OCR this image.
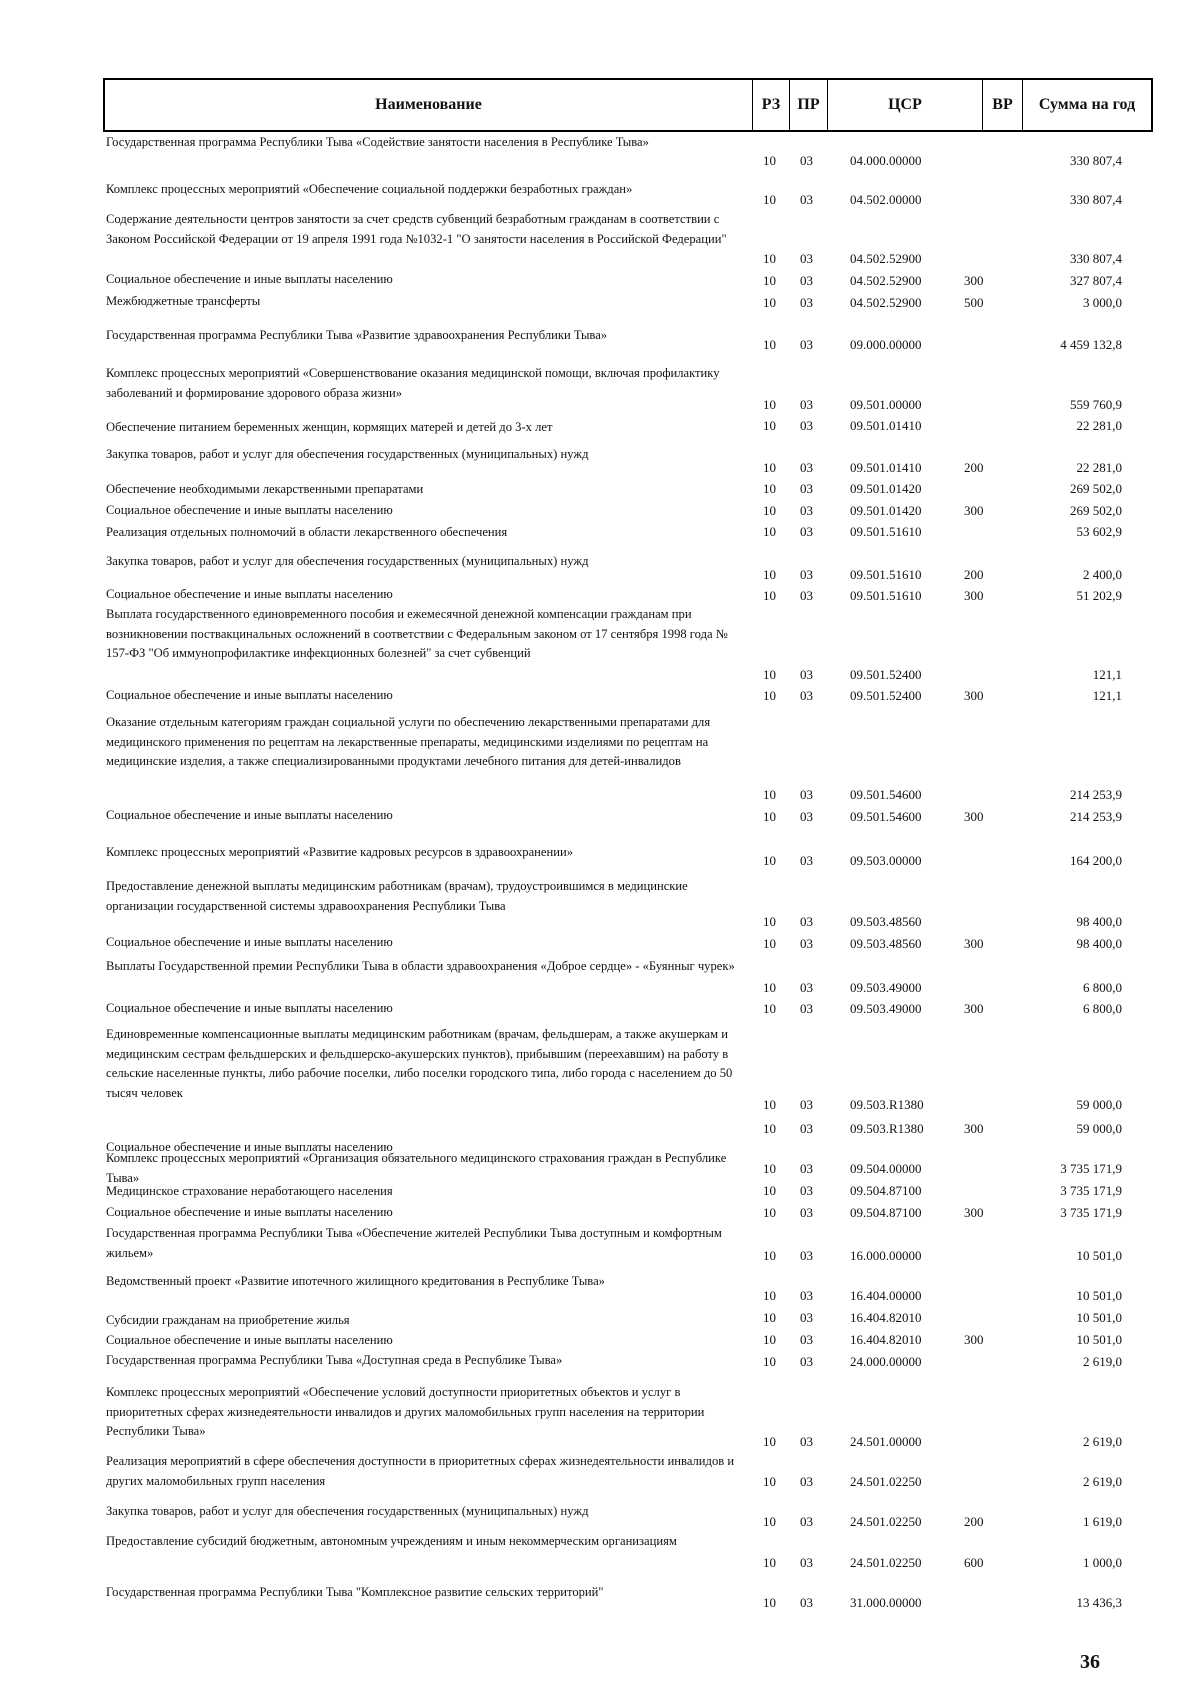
Наименование	РЗ	ПР	ЦСР	ВР	Сумма на год
Государственная программа Республики Тыва «Содействие занятости населения в Республике Тыва»
10 03	04.000.00000	330 807,4
Комплекс процессных мероприятий «Обеспечение социальной поддержки безработных граждан»
10 03	04.502.00000	330 807,4
Содержание деятельности центров занятости за счет средств субвенций безработным гражданам в соответствии с Законом Российской Федерации от 19 апреля 1991 года №1032-1 "О занятости населения в Российской Федерации"
10 03	04.502.52900	330 807,4
Социальное обеспечение и иные выплаты населению	10 03	04.502.52900	300	327 807,4
Межбюджетные трансферты	10 03	04.502.52900	500	3 000,0
Государственная программа Республики Тыва «Развитие здравоохранения Республики Тыва»
10 03	09.000.00000	4 459 132,8
Комплекс процессных мероприятий «Совершенствование оказания медицинской помощи, включая профилактику заболеваний и формирование здорового образа жизни»
10 03	09.501.00000	559 760,9
Обеспечение питанием беременных женщин, кормящих матерей и детей до 3-х лет	10 03	09.501.01410	22 281,0
Закупка товаров, работ и услуг для обеспечения государственных (муниципальных) нужд
10 03	09.501.01410	200	22 281,0
Обеспечение необходимыми лекарственными препаратами	10 03	09.501.01420	269 502,0
Социальное обеспечение и иные выплаты населению	10 03	09.501.01420	300	269 502,0
Реализация отдельных полномочий в области лекарственного обеспечения	10 03	09.501.51610	53 602,9
Закупка товаров, работ и услуг для обеспечения государственных (муниципальных) нужд
10 03	09.501.51610	200	2 400,0
Социальное обеспечение и иные выплаты населению	10 03	09.501.51610	300	51 202,9
Выплата государственного единовременного пособия и ежемесячной денежной компенсации гражданам при возникновении поствакцинальных осложнений в соответствии с Федеральным законом от 17 сентября 1998 года № 157-ФЗ "Об иммунопрофилактике инфекционных болезней" за счет субвенций
10 03	09.501.52400	121,1
Социальное обеспечение и иные выплаты населению	10 03	09.501.52400	300	121,1
Оказание отдельным категориям граждан социальной услуги по обеспечению лекарственными препаратами для медицинского применения по рецептам на лекарственные препараты, медицинскими изделиями по рецептам на медицинские изделия, а также специализированными продуктами лечебного питания для детей-инвалидов
10 03	09.501.54600	214 253,9
Социальное обеспечение и иные выплаты населению	10 03	09.501.54600	300	214 253,9
Комплекс процессных мероприятий «Развитие кадровых ресурсов в здравоохранении»
10 03	09.503.00000	164 200,0
Предоставление денежной выплаты медицинским работникам (врачам), трудоустроившимся в медицинские организации государственной системы здравоохранения Республики Тыва
10 03	09.503.48560	98 400,0
Социальное обеспечение и иные выплаты населению	10 03	09.503.48560	300	98 400,0
Выплаты Государственной премии Республики Тыва в области здравоохранения «Доброе сердце» - «Буянныг чурек»
10 03	09.503.49000	6 800,0
Социальное обеспечение и иные выплаты населению	10 03	09.503.49000	300	6 800,0
Единовременные компенсационные выплаты медицинским работникам (врачам, фельдшерам, а также акушеркам и медицинским сестрам фельдшерских и фельдшерско-акушерских пунктов), прибывшим (переехавшим) на работу в сельские населенные пункты, либо рабочие поселки, либо поселки городского типа, либо города с населением до 50 тысяч человек
10 03	09.503.R1380	59 000,0
Социальное обеспечение и иные выплаты населению
10 03	09.503.R1380	300	59 000,0
Комплекс процессных мероприятий «Организация обязательного медицинского страхования граждан в Республике Тыва»
10 03	09.504.00000	3 735 171,9
Медицинское страхование неработающего населения	10 03	09.504.87100	3 735 171,9
Социальное обеспечение и иные выплаты населению	10 03	09.504.87100	300	3 735 171,9
Государственная программа Республики Тыва «Обеспечение жителей Республики Тыва доступным и комфортным жильем»	10 03	16.000.00000	10 501,0
Ведомственный проект «Развитие ипотечного жилищного кредитования в Республике Тыва»
10 03	16.404.00000	10 501,0
Субсидии гражданам на приобретение жилья	10 03	16.404.82010	10 501,0
Социальное обеспечение и иные выплаты населению	10 03	16.404.82010	300	10 501,0
Государственная программа Республики Тыва «Доступная среда в Республике Тыва»	10 03	24.000.00000	2 619,0
Комплекс процессных мероприятий «Обеспечение условий доступности приоритетных объектов и услуг в приоритетных сферах жизнедеятельности инвалидов и других маломобильных групп населения на территории Республики Тыва»
10 03	24.501.00000	2 619,0
Реализация мероприятий в сфере обеспечения доступности в приоритетных сферах жизнедеятельности инвалидов и других маломобильных групп населения	10 03	24.501.02250	2 619,0
Закупка товаров, работ и услуг для обеспечения государственных (муниципальных) нужд
10 03	24.501.02250	200	1 619,0
Предоставление субсидий бюджетным, автономным учреждениям и иным некоммерческим организациям
10 03	24.501.02250	600	1 000,0
Государственная программа Республики Тыва "Комплексное развитие сельских территорий"
10 03	31.000.00000	13 436,3
36
